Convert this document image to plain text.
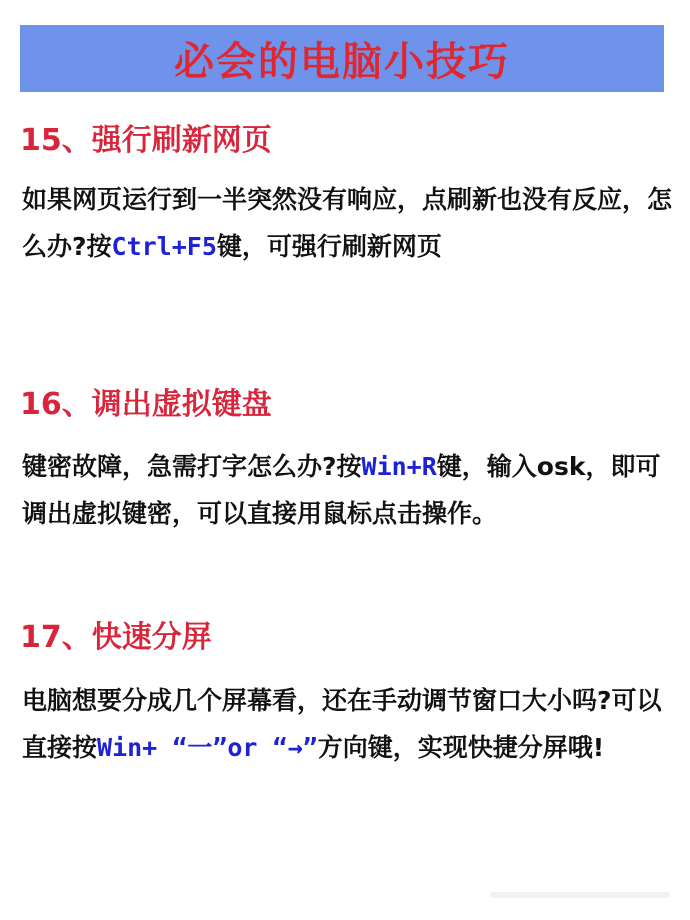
必会的电脑小技巧
15、强行刷新网页
如果网页运行到一半突然没有响应，点刷新也没有反应，怎么办?按Ctrl+F5键，可强行刷新网页
16、调出虚拟键盘
键密故障，急需打字怎么办?按Win+R键，输入osk，即可调出虚拟键密，可以直接用鼠标点击操作。
17、快速分屏
电脑想要分成几个屏幕看，还在手动调节窗口大小吗?可以直接按Win+ “一”or “→”方向键，实现快捷分屏哦!
